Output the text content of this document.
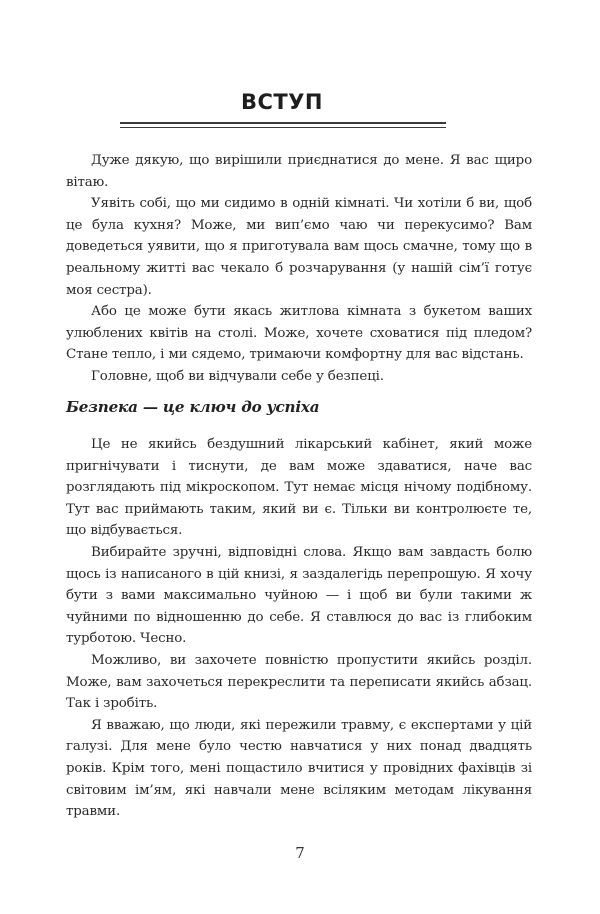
ВСТУП

Дуже дякую, що вирішили приєднатися до мене. Я вас щиро вітаю.

Уявіть собі, що ми сидимо в одній кімнаті. Чи хотіли б ви, щоб це була кухня? Може, ми вип’ємо чаю чи перекусимо? Вам доведеться уявити, що я приготувала вам щось смачне, тому що в реальному житті вас чекало б розчарування (у нашій сім’ї готує моя сестра).

Або це може бути якась житлова кімната з букетом ваших улюблених квітів на столі. Може, хочете сховатися під пледом? Стане тепло, і ми сядемо, тримаючи комфортну для вас відстань.

Головне, щоб ви відчували себе у безпеці.

Безпека — це ключ до успіха

Це не якийсь бездушний лікарський кабінет, який може пригнічувати і тиснути, де вам може здаватися, наче вас розглядають під мікроскопом. Тут немає місця нічому подібному. Тут вас приймають таким, який ви є. Тільки ви контролюєте те, що відбувається.

Вибирайте зручні, відповідні слова. Якщо вам завдасть болю щось із написаного в цій книзі, я заздалегідь перепрошую. Я хочу бути з вами максимально чуйною — і щоб ви були такими ж чуйними по відношенню до себе. Я ставлюся до вас із глибоким турботою. Чесно.

Можливо, ви захочете повністю пропустити якийсь розділ. Може, вам захочеться перекреслити та переписати якийсь абзац. Так і зробіть.

Я вважаю, що люди, які пережили травму, є експертами у цій галузі. Для мене було честю навчатися у них понад двадцять років. Крім того, мені пощастило вчитися у провідних фахівців зі світовим ім’ям, які навчали мене всіляким методам лікування травми.

7
